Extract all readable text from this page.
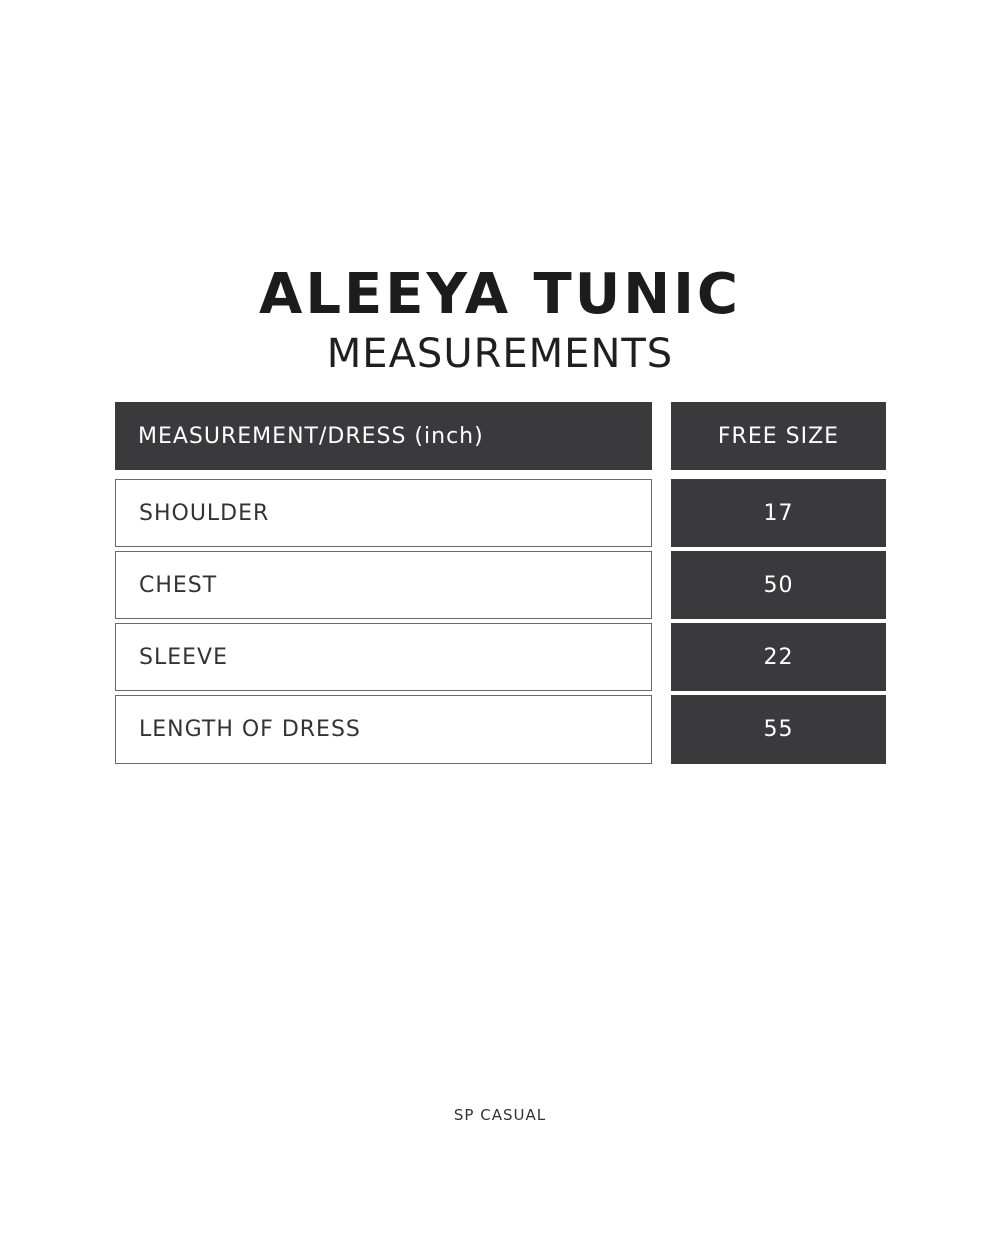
ALEEYA TUNIC
MEASUREMENTS
MEASUREMENT/DRESS (inch)	FREE SIZE
SHOULDER	17
CHEST	50
SLEEVE	22
LENGTH OF DRESS	55
SP CASUAL
